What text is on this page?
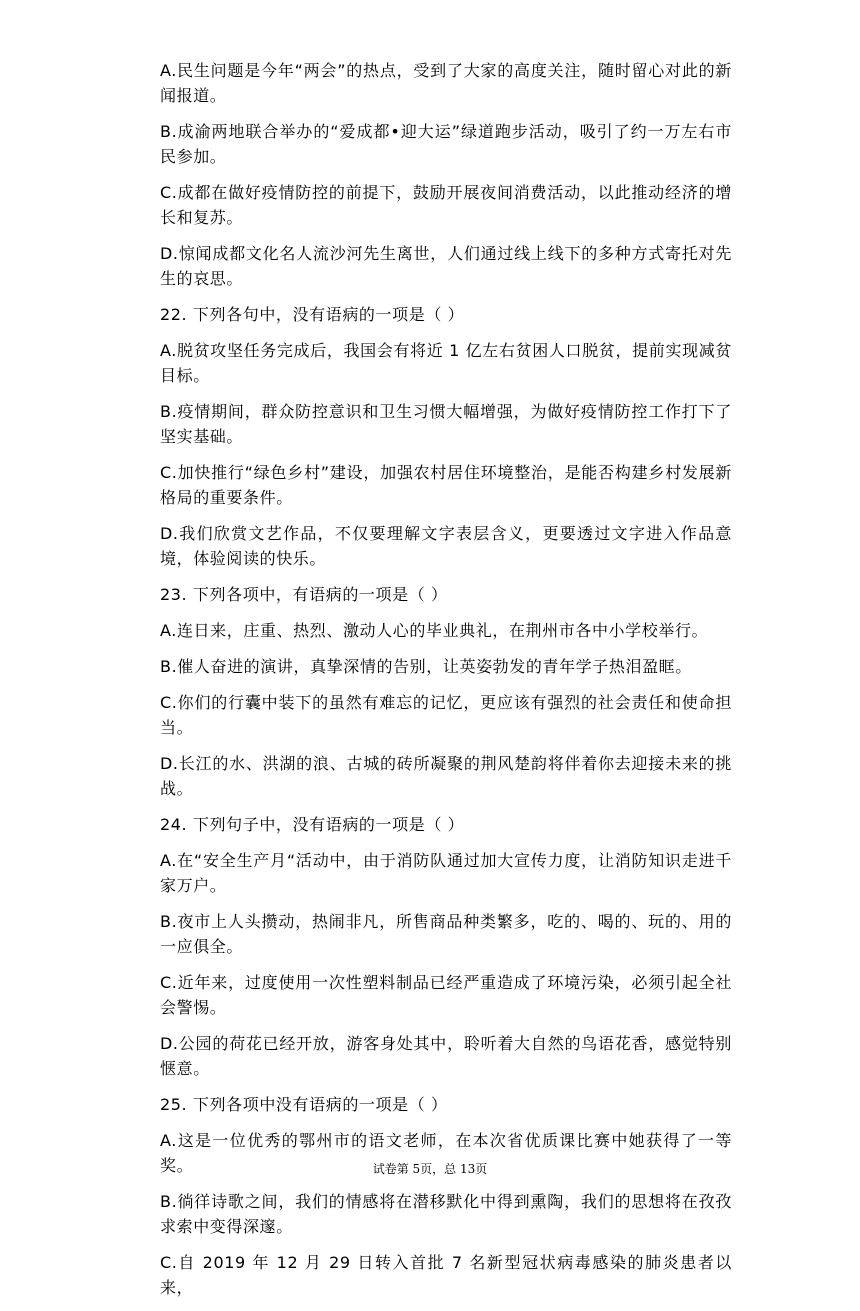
A.民生问题是今年“两会”的热点，受到了大家的高度关注，随时留心对此的新闻报道。

B.成渝两地联合举办的“爱成都•迎大运”绿道跑步活动，吸引了约一万左右市民参加。

C.成都在做好疫情防控的前提下，鼓励开展夜间消费活动，以此推动经济的增长和复苏。

D.惊闻成都文化名人流沙河先生离世，人们通过线上线下的多种方式寄托对先生的哀思。

22. 下列各句中，没有语病的一项是（ ）

A.脱贫攻坚任务完成后，我国会有将近 1 亿左右贫困人口脱贫，提前实现减贫目标。

B.疫情期间，群众防控意识和卫生习惯大幅增强，为做好疫情防控工作打下了坚实基础。

C.加快推行“绿色乡村”建设，加强农村居住环境整治，是能否构建乡村发展新格局的重要条件。

D.我们欣赏文艺作品，不仅要理解文字表层含义，更要透过文字进入作品意境，体验阅读的快乐。

23. 下列各项中，有语病的一项是（ ）

A.连日来，庄重、热烈、激动人心的毕业典礼，在荆州市各中小学校举行。

B.催人奋进的演讲，真挚深情的告别，让英姿勃发的青年学子热泪盈眶。

C.你们的行囊中装下的虽然有难忘的记忆，更应该有强烈的社会责任和使命担当。

D.长江的水、洪湖的浪、古城的砖所凝聚的荆风楚韵将伴着你去迎接未来的挑战。

24. 下列句子中，没有语病的一项是（ ）

A.在“安全生产月“活动中，由于消防队通过加大宣传力度，让消防知识走进千家万户。

B.夜市上人头攒动，热闹非凡，所售商品种类繁多，吃的、喝的、玩的、用的一应俱全。

C.近年来，过度使用一次性塑料制品已经严重造成了环境污染，必须引起全社会警惕。

D.公园的荷花已经开放，游客身处其中，聆听着大自然的鸟语花香，感觉特别惬意。

25. 下列各项中没有语病的一项是（ ）

A.这是一位优秀的鄂州市的语文老师，在本次省优质课比赛中她获得了一等奖。

B.徜徉诗歌之间，我们的情感将在潜移默化中得到熏陶，我们的思想将在孜孜求索中变得深邃。

C.自 2019 年 12 月 29 日转入首批 7 名新型冠状病毒感染的肺炎患者以来，

试卷第 5页，总 13页
